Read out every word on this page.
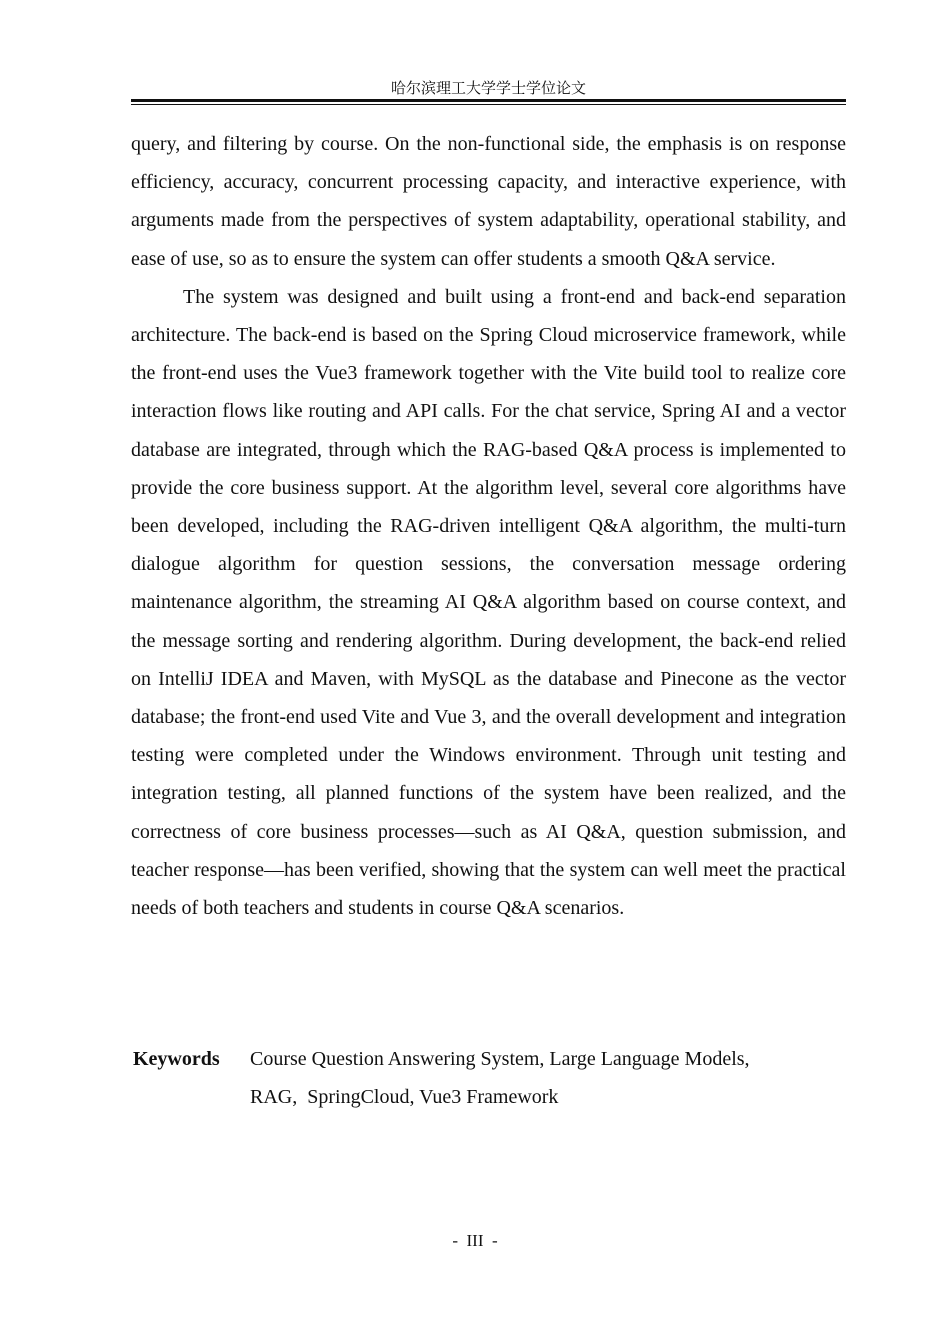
哈尔滨理工大学学士学位论文

query, and filtering by course. On the non-functional side, the emphasis is on response efficiency, accuracy, concurrent processing capacity, and interactive experience, with arguments made from the perspectives of system adaptability, operational stability, and ease of use, so as to ensure the system can offer students a smooth Q&A service.

The system was designed and built using a front-end and back-end separation architecture. The back-end is based on the Spring Cloud microservice framework, while the front-end uses the Vue3 framework together with the Vite build tool to realize core interaction flows like routing and API calls. For the chat service, Spring AI and a vector database are integrated, through which the RAG-based Q&A process is implemented to provide the core business support. At the algorithm level, several core algorithms have been developed, including the RAG-driven intelligent Q&A algorithm, the multi-turn dialogue algorithm for question sessions, the conversation message ordering maintenance algorithm, the streaming AI Q&A algorithm based on course context, and the message sorting and rendering algorithm. During development, the back-end relied on IntelliJ IDEA and Maven, with MySQL as the database and Pinecone as the vector database; the front-end used Vite and Vue 3, and the overall development and integration testing were completed under the Windows environment. Through unit testing and integration testing, all planned functions of the system have been realized, and the correctness of core business processes—such as AI Q&A, question submission, and teacher response—has been verified, showing that the system can well meet the practical needs of both teachers and students in course Q&A scenarios.

Keywords	Course Question Answering System, Large Language Models,
RAG,  SpringCloud, Vue3 Framework
-  III  -
